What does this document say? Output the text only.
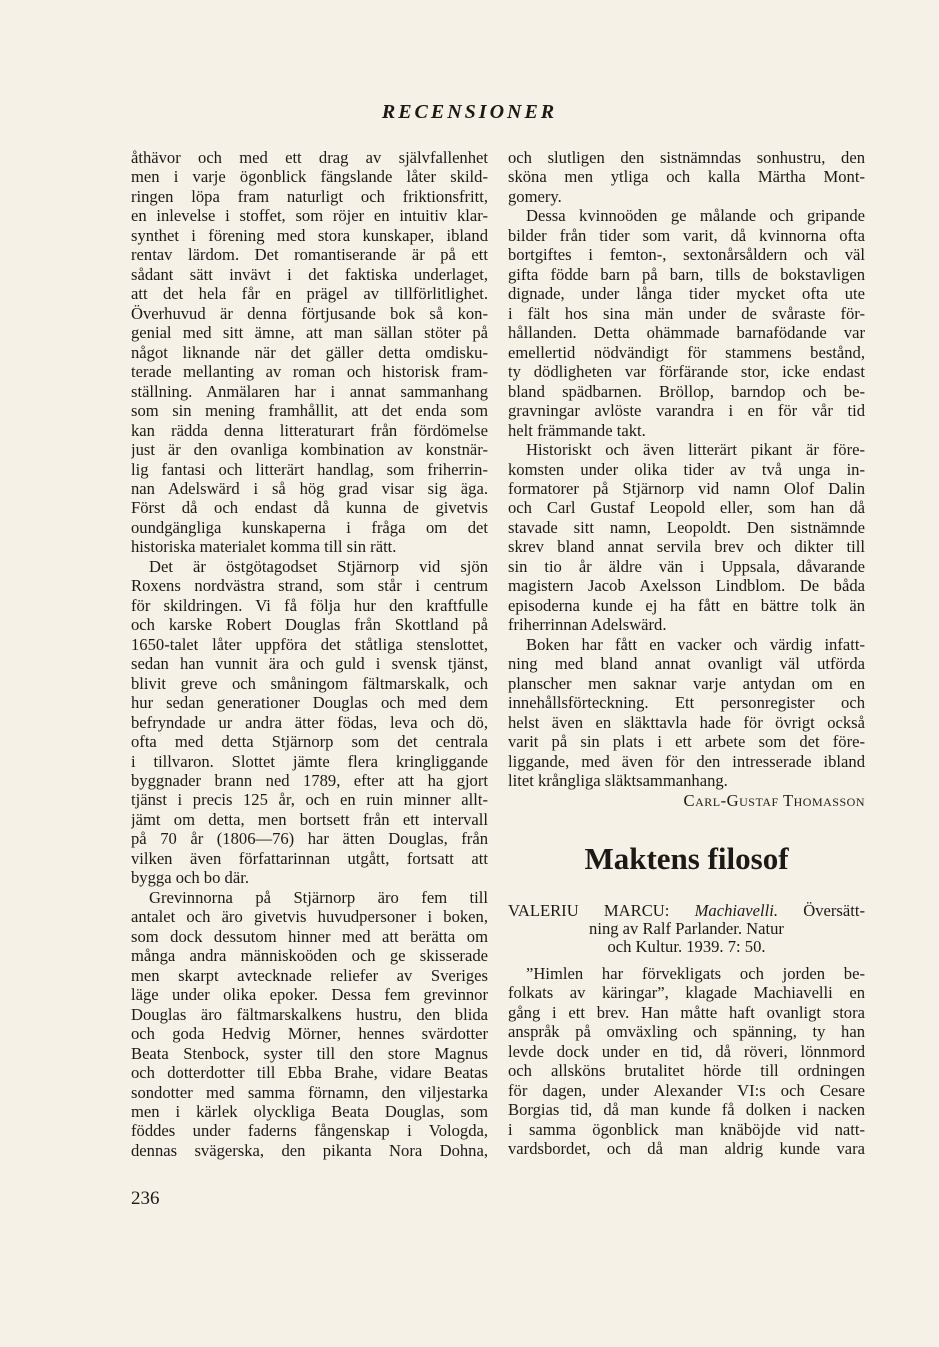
RECENSIONER
åthävor och med ett drag av självfallenhet
men i varje ögonblick fängslande låter skild-
ringen löpa fram naturligt och friktionsfritt,
en inlevelse i stoffet, som röjer en intuitiv klar-
synthet i förening med stora kunskaper, ibland
rentav lärdom. Det romantiserande är på ett
sådant sätt invävt i det faktiska underlaget,
att det hela får en prägel av tillförlitlighet.
Överhuvud är denna förtjusande bok så kon-
genial med sitt ämne, att man sällan stöter på
något liknande när det gäller detta omdisku-
terade mellanting av roman och historisk fram-
ställning. Anmälaren har i annat sammanhang
som sin mening framhållit, att det enda som
kan rädda denna litteraturart från fördömelse
just är den ovanliga kombination av konstnär-
lig fantasi och litterärt handlag, som friherrin-
nan Adelswärd i så hög grad visar sig äga.
Först då och endast då kunna de givetvis
oundgängliga kunskaperna i fråga om det
historiska materialet komma till sin rätt.
Det är östgötagodset Stjärnorp vid sjön
Roxens nordvästra strand, som står i centrum
för skildringen. Vi få följa hur den kraftfulle
och karske Robert Douglas från Skottland på
1650-talet låter uppföra det ståtliga stenslottet,
sedan han vunnit ära och guld i svensk tjänst,
blivit greve och småningom fältmarskalk, och
hur sedan generationer Douglas och med dem
befryndade ur andra ätter födas, leva och dö,
ofta med detta Stjärnorp som det centrala
i tillvaron. Slottet jämte flera kringliggande
byggnader brann ned 1789, efter att ha gjort
tjänst i precis 125 år, och en ruin minner allt-
jämt om detta, men bortsett från ett intervall
på 70 år (1806—76) har ätten Douglas, från
vilken även författarinnan utgått, fortsatt att
bygga och bo där.
Grevinnorna på Stjärnorp äro fem till
antalet och äro givetvis huvudpersoner i boken,
som dock dessutom hinner med att berätta om
många andra människoöden och ge skisserade
men skarpt avtecknade reliefer av Sveriges
läge under olika epoker. Dessa fem grevinnor
Douglas äro fältmarskalkens hustru, den blida
och goda Hedvig Mörner, hennes svärdotter
Beata Stenbock, syster till den store Magnus
och dotterdotter till Ebba Brahe, vidare Beatas
sondotter med samma förnamn, den viljestarka
men i kärlek olyckliga Beata Douglas, som
föddes under faderns fångenskap i Vologda,
dennas svägerska, den pikanta Nora Dohna,
och slutligen den sistnämndas sonhustru, den
sköna men ytliga och kalla Märtha Mont-
gomery.
Dessa kvinnoöden ge målande och gripande
bilder från tider som varit, då kvinnorna ofta
bortgiftes i femton-, sextonårsåldern och väl
gifta födde barn på barn, tills de bokstavligen
dignade, under långa tider mycket ofta ute
i fält hos sina män under de svåraste för-
hållanden. Detta ohämmade barnafödande var
emellertid nödvändigt för stammens bestånd,
ty dödligheten var förfärande stor, icke endast
bland spädbarnen. Bröllop, barndop och be-
gravningar avlöste varandra i en för vår tid
helt främmande takt.
Historiskt och även litterärt pikant är före-
komsten under olika tider av två unga in-
formatorer på Stjärnorp vid namn Olof Dalin
och Carl Gustaf Leopold eller, som han då
stavade sitt namn, Leopoldt. Den sistnämnde
skrev bland annat servila brev och dikter till
sin tio år äldre vän i Uppsala, dåvarande
magistern Jacob Axelsson Lindblom. De båda
episoderna kunde ej ha fått en bättre tolk än
friherrinnan Adelswärd.
Boken har fått en vacker och värdig infatt-
ning med bland annat ovanligt väl utförda
planscher men saknar varje antydan om en
innehållsförteckning. Ett personregister och
helst även en släkttavla hade för övrigt också
varit på sin plats i ett arbete som det före-
liggande, med även för den intresserade ibland
litet krångliga släktsammanhang.
Carl-Gustaf Thomasson
Maktens filosof
VALERIU MARCU: Machiavelli. Översätt-
ning av Ralf Parlander. Natur
och Kultur. 1939. 7: 50.
”Himlen har förvekligats och jorden be-
folkats av käringar”, klagade Machiavelli en
gång i ett brev. Han måtte haft ovanligt stora
anspråk på omväxling och spänning, ty han
levde dock under en tid, då röveri, lönnmord
och allsköns brutalitet hörde till ordningen
för dagen, under Alexander VI:s och Cesare
Borgias tid, då man kunde få dolken i nacken
i samma ögonblick man knäböjde vid natt-
vardsbordet, och då man aldrig kunde vara
236
